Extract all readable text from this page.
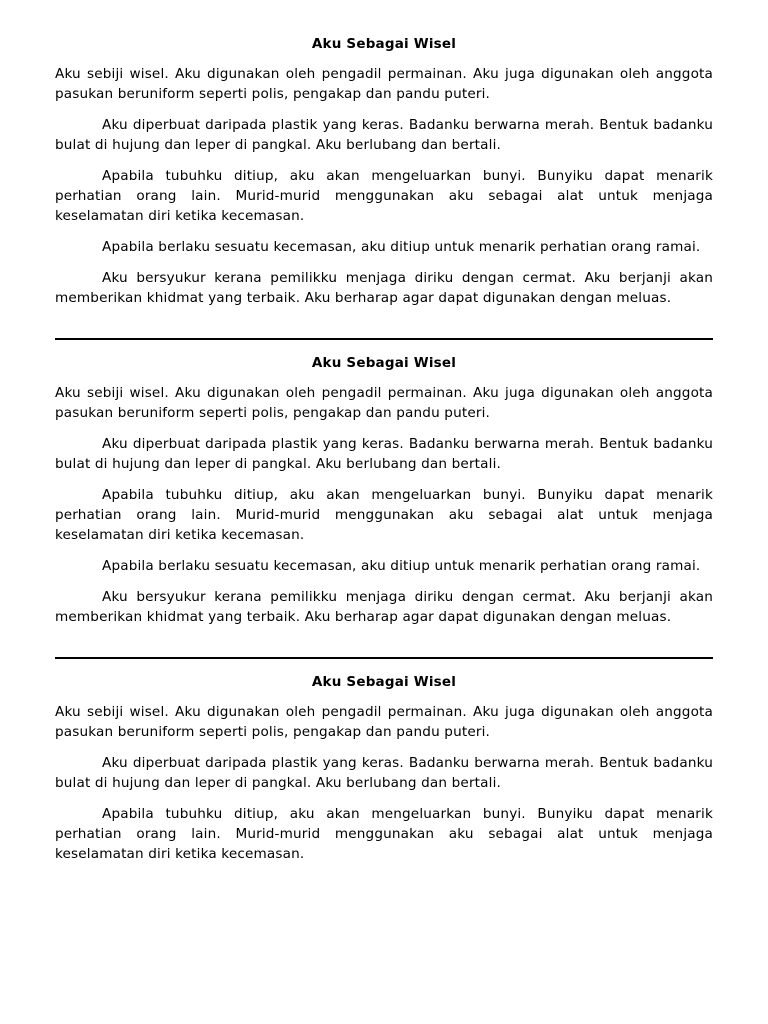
Aku Sebagai Wisel

Aku sebiji wisel. Aku digunakan oleh pengadil permainan. Aku juga digunakan oleh anggota pasukan beruniform seperti polis, pengakap dan pandu puteri.

Aku diperbuat daripada plastik yang keras. Badanku berwarna merah. Bentuk badanku bulat di hujung dan leper di pangkal. Aku berlubang dan bertali.

Apabila tubuhku ditiup, aku akan mengeluarkan bunyi. Bunyiku dapat menarik perhatian orang lain. Murid-murid menggunakan aku sebagai alat untuk menjaga keselamatan diri ketika kecemasan.

Apabila berlaku sesuatu kecemasan, aku ditiup untuk menarik perhatian orang ramai.

Aku bersyukur kerana pemilikku menjaga diriku dengan cermat. Aku berjanji akan memberikan khidmat yang terbaik. Aku berharap agar dapat digunakan dengan meluas.

Aku Sebagai Wisel

Aku sebiji wisel. Aku digunakan oleh pengadil permainan. Aku juga digunakan oleh anggota pasukan beruniform seperti polis, pengakap dan pandu puteri.

Aku diperbuat daripada plastik yang keras. Badanku berwarna merah. Bentuk badanku bulat di hujung dan leper di pangkal. Aku berlubang dan bertali.

Apabila tubuhku ditiup, aku akan mengeluarkan bunyi. Bunyiku dapat menarik perhatian orang lain. Murid-murid menggunakan aku sebagai alat untuk menjaga keselamatan diri ketika kecemasan.

Apabila berlaku sesuatu kecemasan, aku ditiup untuk menarik perhatian orang ramai.

Aku bersyukur kerana pemilikku menjaga diriku dengan cermat. Aku berjanji akan memberikan khidmat yang terbaik. Aku berharap agar dapat digunakan dengan meluas.

Aku Sebagai Wisel

Aku sebiji wisel. Aku digunakan oleh pengadil permainan. Aku juga digunakan oleh anggota pasukan beruniform seperti polis, pengakap dan pandu puteri.

Aku diperbuat daripada plastik yang keras. Badanku berwarna merah. Bentuk badanku bulat di hujung dan leper di pangkal. Aku berlubang dan bertali.

Apabila tubuhku ditiup, aku akan mengeluarkan bunyi. Bunyiku dapat menarik perhatian orang lain. Murid-murid menggunakan aku sebagai alat untuk menjaga keselamatan diri ketika kecemasan.
